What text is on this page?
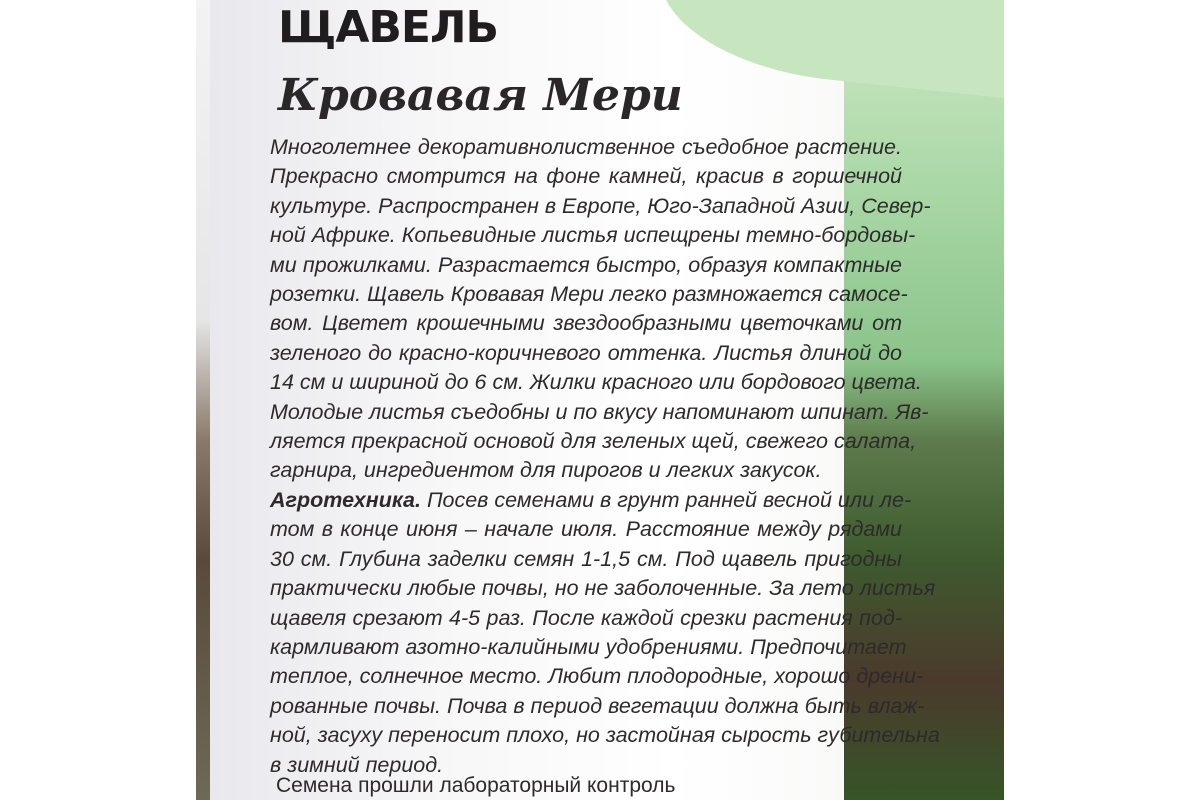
ЩАВЕЛЬ
Кровавая Мери
Многолетнее декоративнолиственное съедобное растение.
Прекрасно смотрится на фоне камней, красив в горшечной
культуре. Распространен в Европе, Юго-Западной Азии, Север-
ной Африке. Копьевидные листья испещрены темно-бордовы-
ми прожилками. Разрастается быстро, образуя компактные
розетки. Щавель Кровавая Мери легко размножается самосе-
вом. Цветет крошечными звездообразными цветочками от
зеленого до красно-коричневого оттенка. Листья длиной до
14 см и шириной до 6 см. Жилки красного или бордового цвета.
Молодые листья съедобны и по вкусу напоминают шпинат. Яв-
ляется прекрасной основой для зеленых щей, свежего салата,
гарнира, ингредиентом для пирогов и легких закусок.
Агротехника. Посев семенами в грунт ранней весной или ле-
том в конце июня – начале июля. Расстояние между рядами
30 см. Глубина заделки семян 1-1,5 см. Под щавель пригодны
практически любые почвы, но не заболоченные. За лето листья
щавеля срезают 4-5 раз. После каждой срезки растения под-
кармливают азотно-калийными удобрениями. Предпочитает
теплое, солнечное место. Любит плодородные, хорошо дрени-
рованные почвы. Почва в период вегетации должна быть влаж-
ной, засуху переносит плохо, но застойная сырость губительна
в зимний период.

Семена прошли лабораторный контроль
